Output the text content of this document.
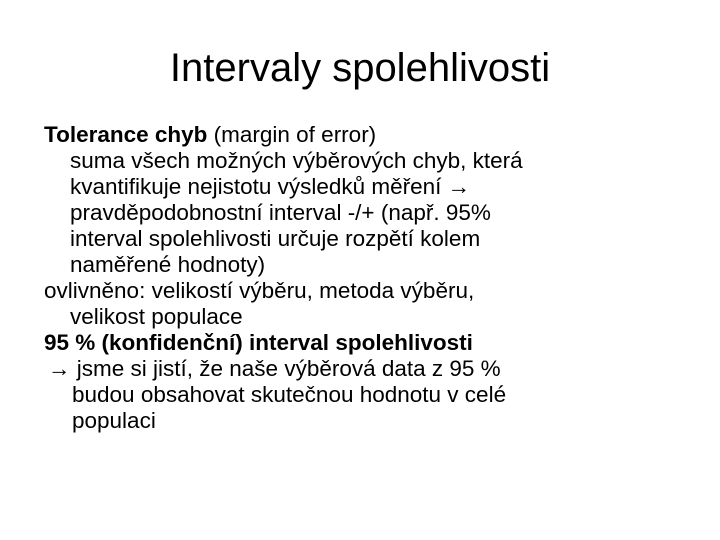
Intervaly spolehlivosti

Tolerance chyb (margin of error)
suma všech možných výběrových chyb, která
kvantifikuje nejistotu výsledků měření →
pravděpodobnostní interval -/+ (např. 95%
interval spolehlivosti určuje rozpětí kolem
naměřené hodnoty)

ovlivněno: velikostí výběru, metoda výběru,
velikost populace

95 % (konfidenční) interval spolehlivosti

→ jsme si jistí, že naše výběrová data z 95 %
budou obsahovat skutečnou hodnotu v celé
populaci
